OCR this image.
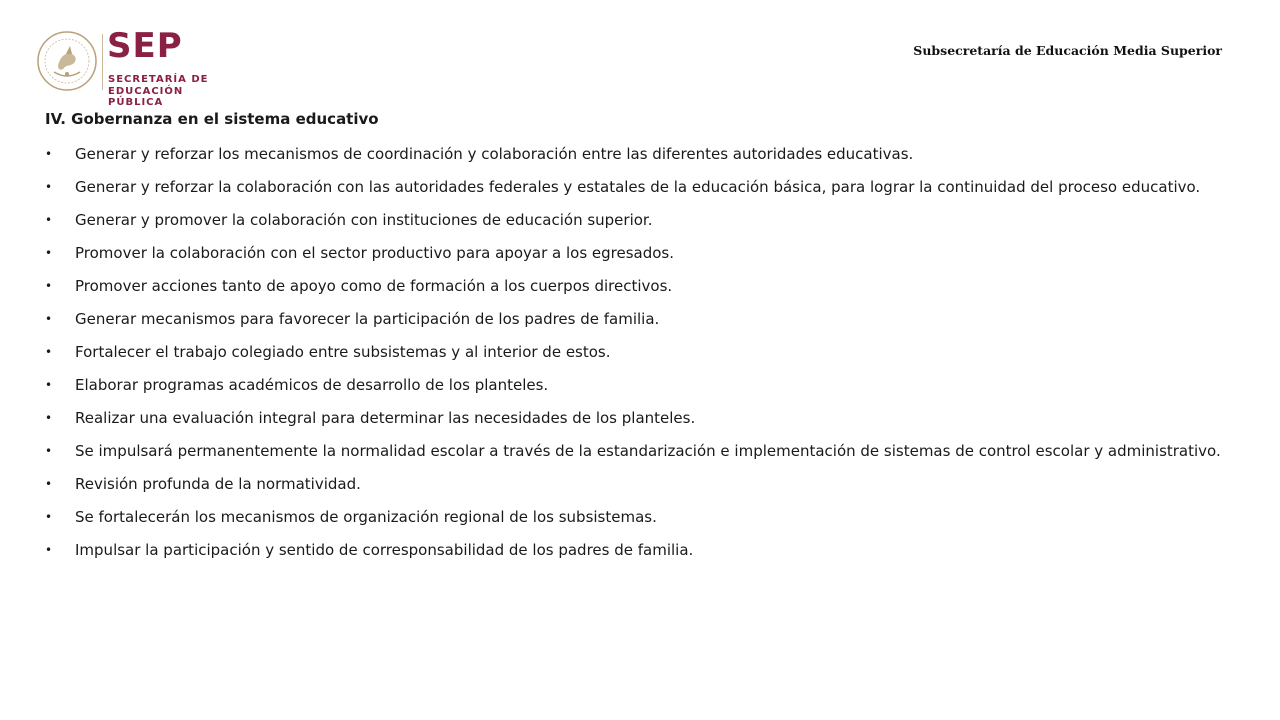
SEP
SECRETARÍA DE
EDUCACIÓN PÚBLICA
Subsecretaría de Educación Media Superior
IV. Gobernanza en el sistema educativo
• Generar y reforzar los mecanismos de coordinación y colaboración entre las diferentes autoridades educativas.
• Generar y reforzar la colaboración con las autoridades federales y estatales de la educación básica, para lograr la continuidad del proceso educativo.
• Generar y promover la colaboración con instituciones de educación superior.
• Promover la colaboración con el sector productivo para apoyar a los egresados.
• Promover acciones tanto de apoyo como de formación a los cuerpos directivos.
• Generar mecanismos para favorecer la participación de los padres de familia.
• Fortalecer el trabajo colegiado entre subsistemas y al interior de estos.
• Elaborar programas académicos de desarrollo de los planteles.
• Realizar una evaluación integral para determinar las necesidades de los planteles.
• Se impulsará permanentemente la normalidad escolar a través de la estandarización e implementación de sistemas de control escolar y administrativo.
• Revisión profunda de la normatividad.
• Se fortalecerán los mecanismos de organización regional de los subsistemas.
• Impulsar la participación y sentido de corresponsabilidad de los padres de familia.
